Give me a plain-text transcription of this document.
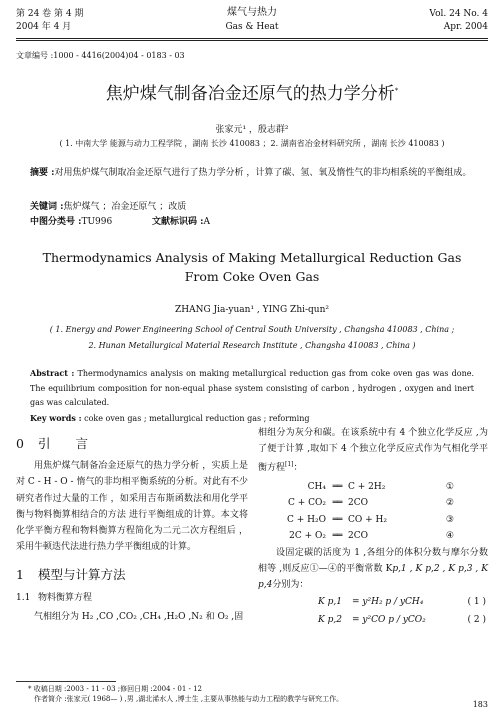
第 24 卷 第 4 期
2004 年 4 月
煤气与热力
Gas & Heat
Vol. 24 No. 4
Apr. 2004
文章编号 :1000 - 4416(2004)04 - 0183 - 03
焦炉煤气制备冶金还原气的热力学分析*
张家元¹ ，殷志群²
( 1. 中南大学 能源与动力工程学院 ，湖南 长沙 410083 ；2. 湖南省冶金材料研究所 ，湖南 长沙 410083 )
摘要 :对用焦炉煤气制取冶金还原气进行了热力学分析 ，计算了碳、氢、氧及惰性气的非均相系统的平衡组成。
关键词 :焦炉煤气 ；冶金还原气 ；改质
中图分类号 :TU996	文献标识码 :A
Thermodynamics Analysis of Making Metallurgical Reduction Gas
From Coke Oven Gas
ZHANG Jia-yuan¹ , YING Zhi-qun²
( 1. Energy and Power Engineering School of Central South University , Changsha 410083 , China ;
2. Hunan Metallurgical Material Research Institute , Changsha 410083 , China )
Abstract : Thermodynamics analysis on making metallurgical reduction gas from coke oven gas was done. The equilibrium composition for non-equal phase system consisting of carbon , hydrogen , oxygen and inert gas was calculated.
Key words : coke oven gas ; metallurgical reduction gas ; reforming
0 引　　言

用焦炉煤气制备冶金还原气的热力学分析 ，实质上是对 C - H - O - 惰气的非均相平衡系统的分析。对此有不少研究者作过大量的工作 ，如采用吉布斯函数法和用化学平衡与物料衡算相结合的方法 进行平衡组成的计算。本文将化学平衡方程和物料衡算方程简化为二元二次方程组后 ，采用牛顿迭代法进行热力学平衡组成的计算。

1 模型与计算方法
1.1 物料衡算方程

气相组分为 H₂ ,CO ,CO₂ ,CH₄ ,H₂O ,N₂ 和 O₂ ,固

相组分为灰分和碳。在该系统中有 4 个独立化学反应 ,为了便于计算 ,取如下 4 个独立化学反应式作为气相化学平衡方程[1]：

CH₄ ══ C + 2H₂	①
C + CO₂ ══ 2CO	②
C + H₂O ══ CO + H₂	③
2C + O₂ ══ 2CO	④

设固定碳的活度为 1 ,各组分的体积分数与摩尔分数相等 ,则反应①—④的平衡常数 Kp,1 , K p,2 , K p,3 , K p,4分别为：

K p,1	= y²H₂ p / yCH₄	( 1 )
K p,2	= y²CO p / yCO₂	( 2 )
* 收稿日期 :2003 - 11 - 03 ;修回日期 :2004 - 01 - 12
作者简介 :张家元( 1968— ) ,男 ,湖北浠水人 ,博士生 ,主要从事热能与动力工程的教学与研究工作。
183
